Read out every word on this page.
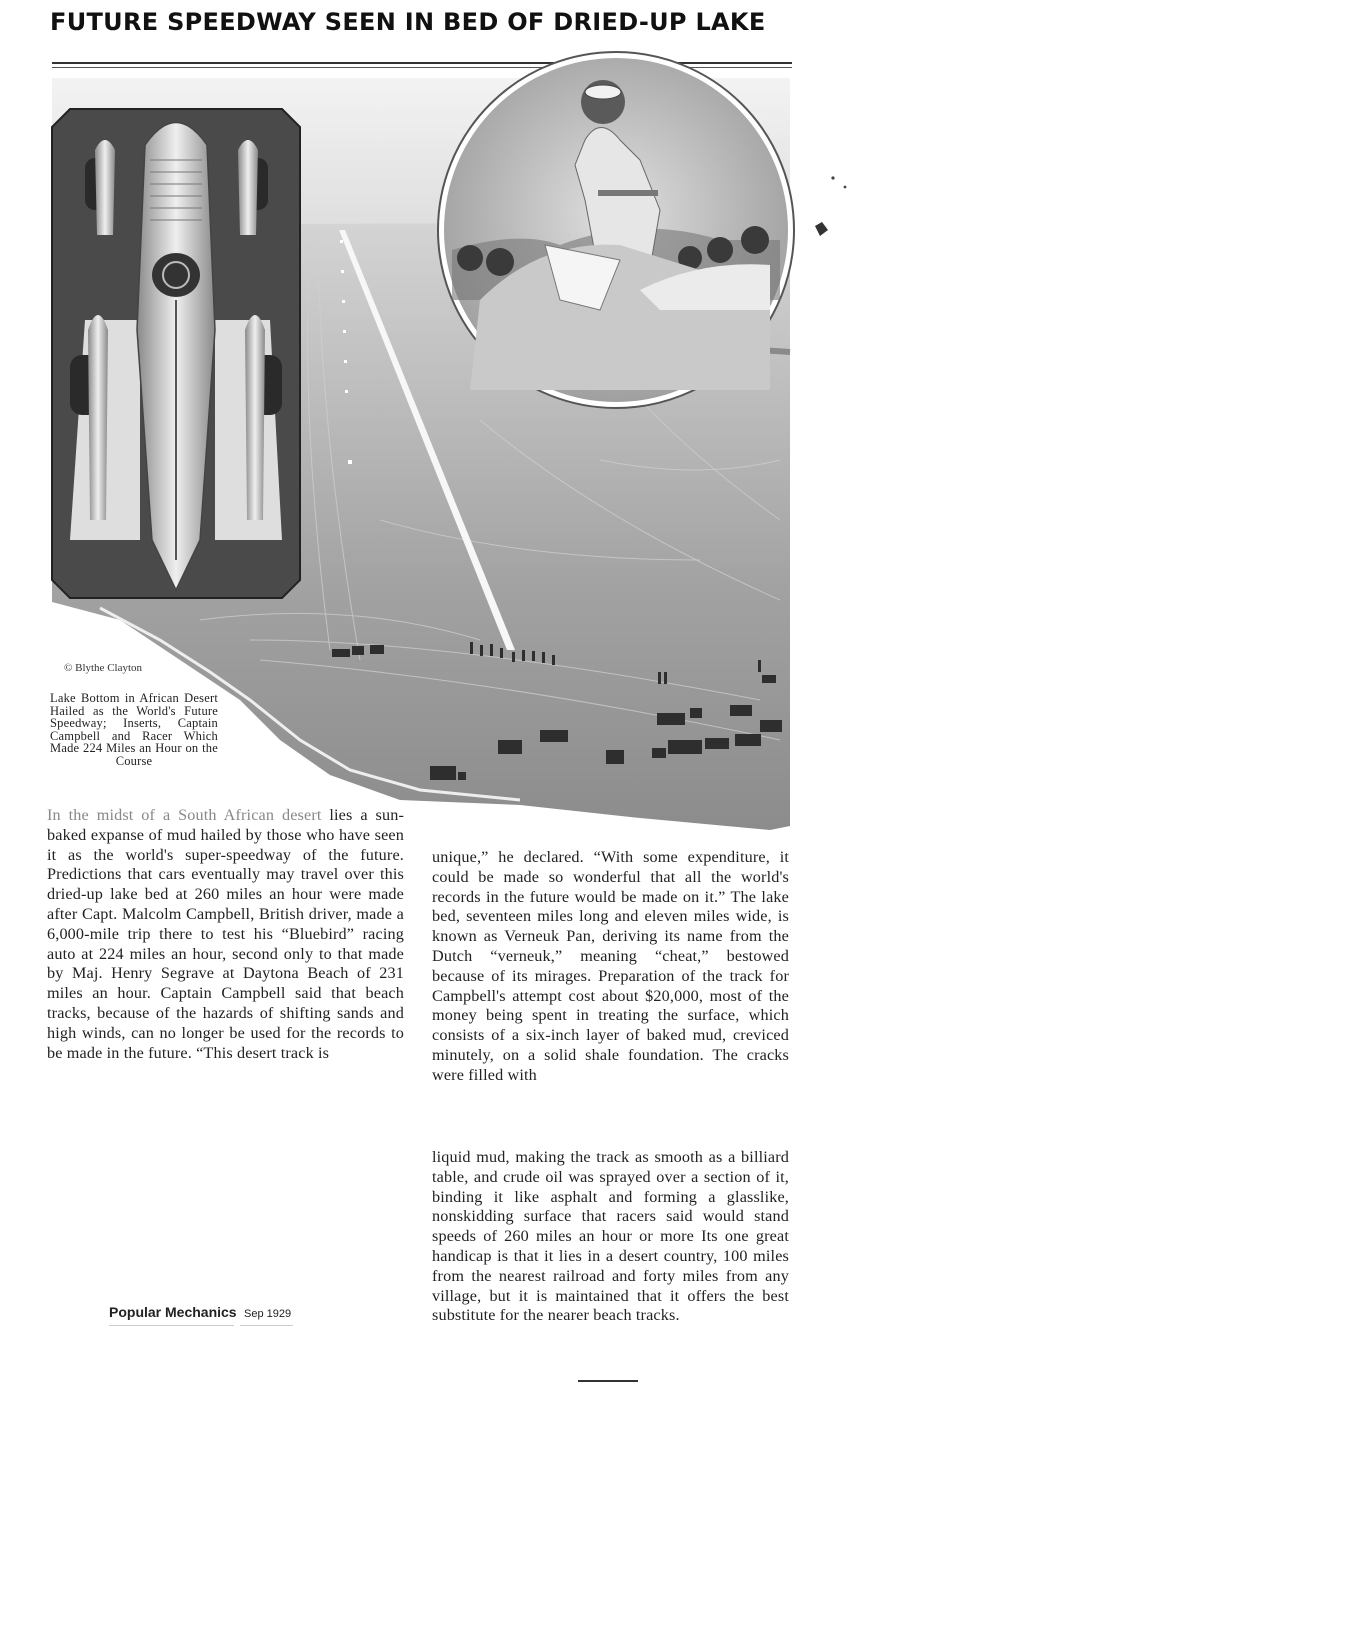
FUTURE SPEEDWAY SEEN IN BED OF DRIED-UP LAKE
© Blythe Clayton
Lake Bottom in African Desert Hailed as the World's Future Speedway; Inserts, Captain Campbell and Racer Which Made 224 Miles an Hour on the Course
In the midst of a South African desert lies a sun-baked expanse of mud hailed by those who have seen it as the world's super-speedway of the future. Predictions that cars eventually may travel over this dried-up lake bed at 260 miles an hour were made after Capt. Malcolm Campbell, British driver, made a 6,000-mile trip there to test his “Bluebird” racing auto at 224 miles an hour, second only to that made by Maj. Henry Segrave at Daytona Beach of 231 miles an hour. Captain Campbell said that beach tracks, because of the hazards of shifting sands and high winds, can no longer be used for the records to be made in the future. “This desert track is
unique,” he declared. “With some expenditure, it could be made so wonderful that all the world's records in the future would be made on it.” The lake bed, seventeen miles long and eleven miles wide, is known as Verneuk Pan, deriving its name from the Dutch “verneuk,” meaning “cheat,” bestowed because of its mirages. Preparation of the track for Campbell's attempt cost about $20,000, most of the money being spent in treating the surface, which consists of a six-inch layer of baked mud, creviced minutely, on a solid shale foundation. The cracks were filled with
liquid mud, making the track as smooth as a billiard table, and crude oil was sprayed over a section of it, binding it like asphalt and forming a glasslike, nonskidding surface that racers said would stand speeds of 260 miles an hour or more Its one great handicap is that it lies in a desert country, 100 miles from the nearest railroad and forty miles from any village, but it is maintained that it offers the best substitute for the nearer beach tracks.
Popular Mechanics Sep 1929
